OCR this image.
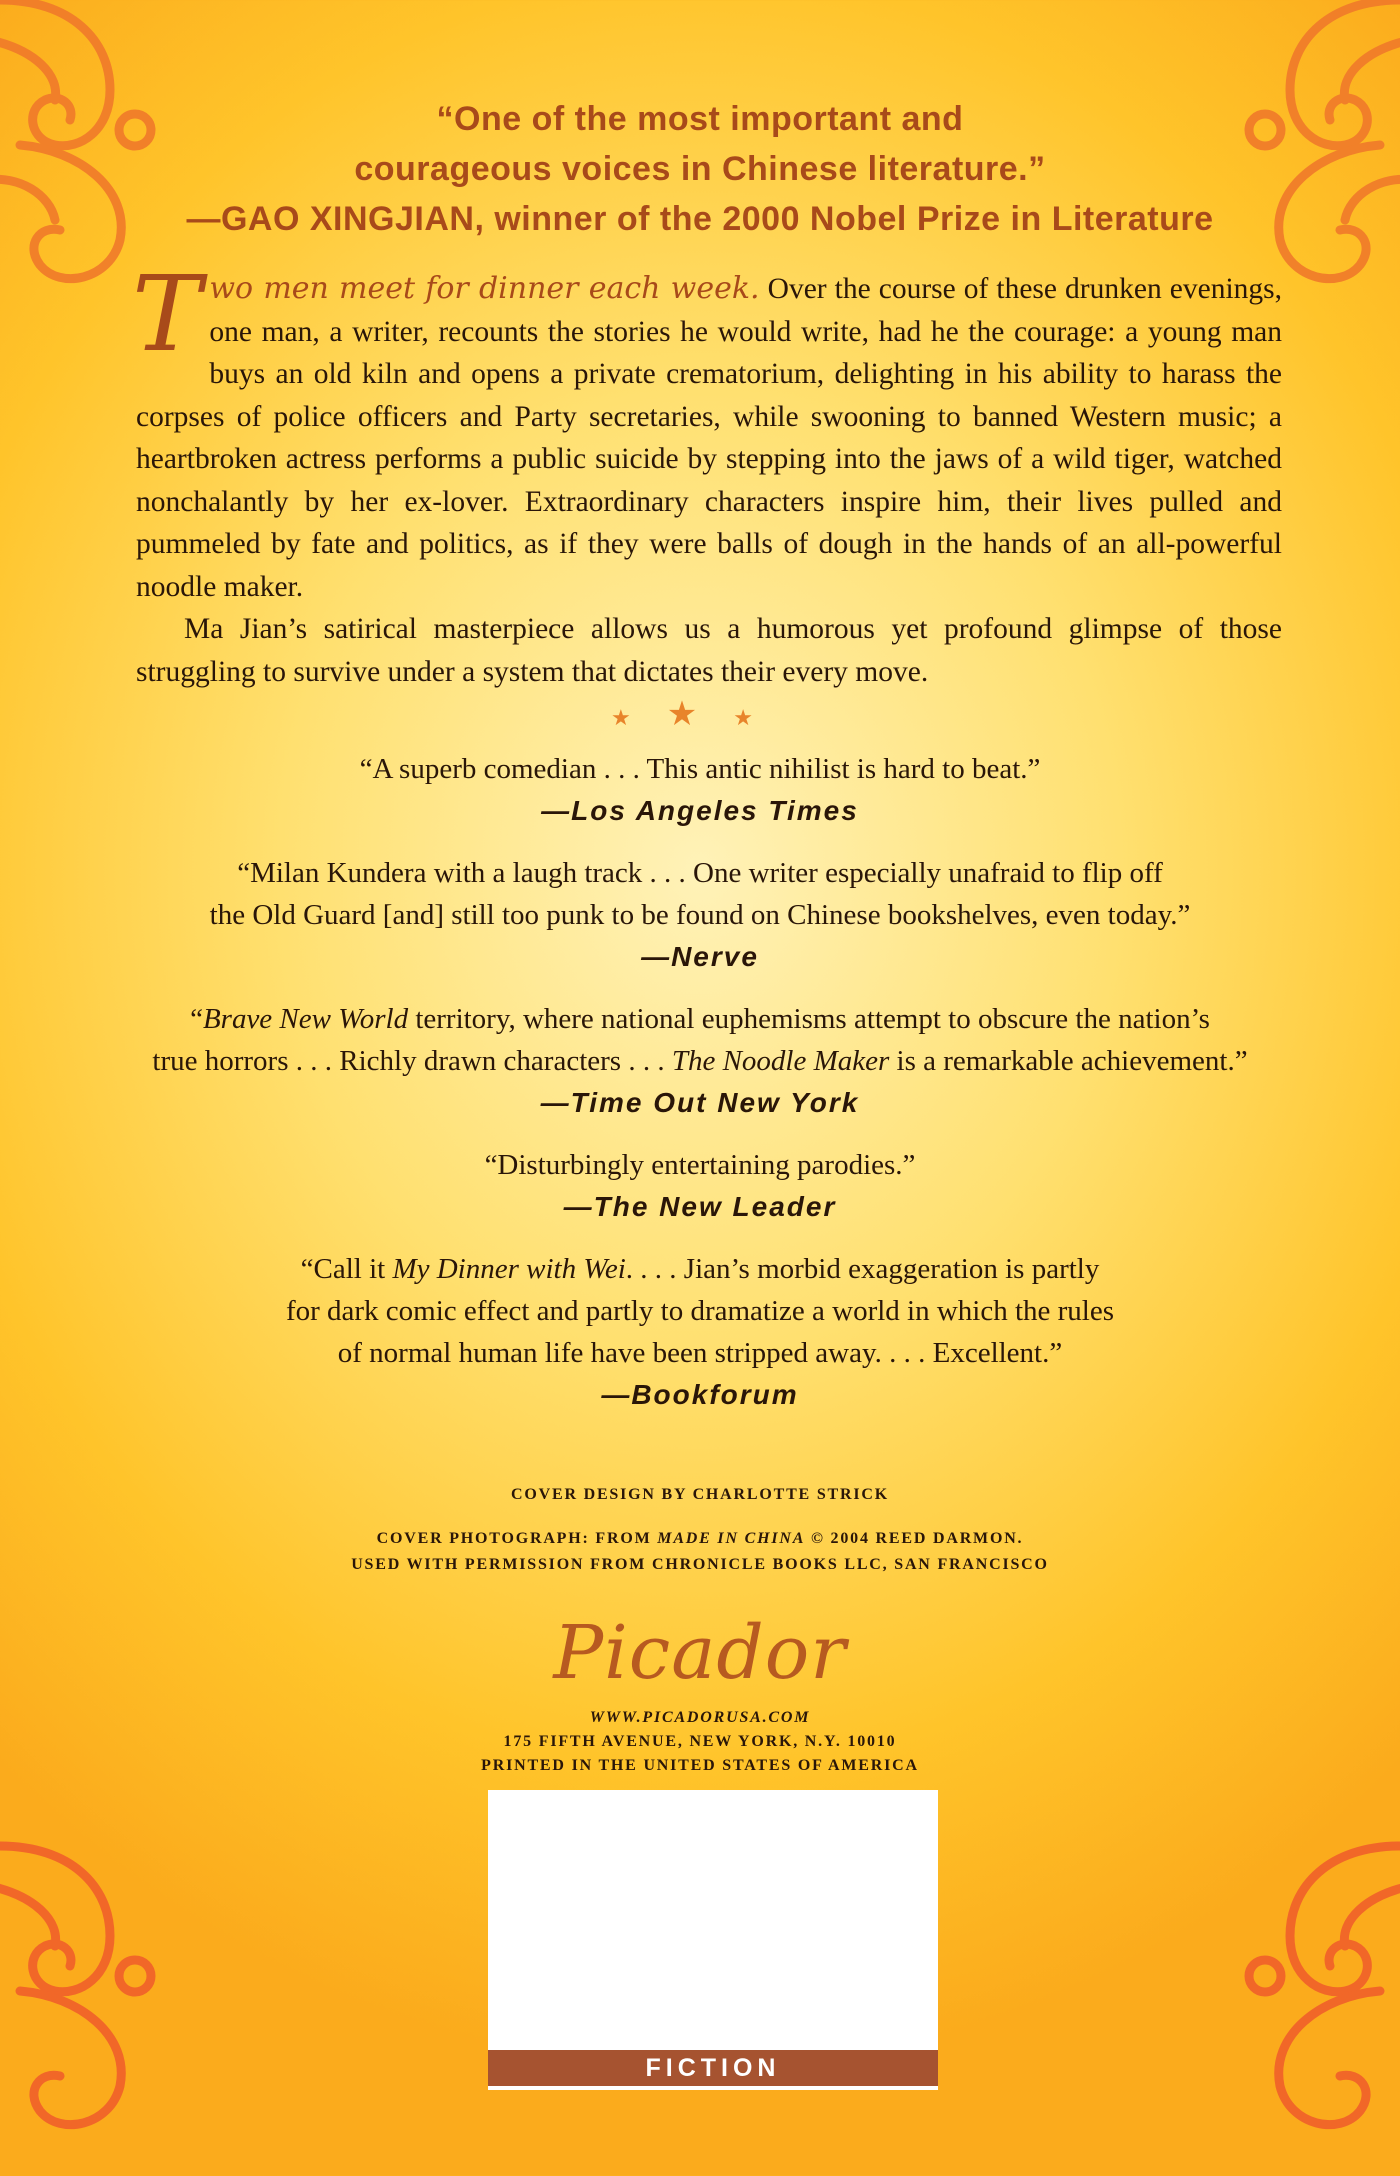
“One of the most important and
courageous voices in Chinese literature.”
—GAO XINGJIAN, winner of the 2000 Nobel Prize in Literature

Two men meet for dinner each week. Over the course of these drunken evenings, one man, a writer, recounts the stories he would write, had he the courage: a young man buys an old kiln and opens a private crematorium, delighting in his ability to harass the corpses of police officers and Party secretaries, while swooning to banned Western music; a heartbroken actress performs a public suicide by stepping into the jaws of a wild tiger, watched nonchalantly by her ex-lover. Extraordinary characters inspire him, their lives pulled and pummeled by fate and politics, as if they were balls of dough in the hands of an all-powerful noodle maker.

Ma Jian’s satirical masterpiece allows us a humorous yet profound glimpse of those struggling to survive under a system that dictates their every move.

★★★
“A superb comedian . . . This antic nihilist is hard to beat.”
—Los Angeles Times
“Milan Kundera with a laugh track . . . One writer especially unafraid to flip off
the Old Guard [and] still too punk to be found on Chinese bookshelves, even today.”
—Nerve
“Brave New World territory, where national euphemisms attempt to obscure the nation’s
true horrors . . . Richly drawn characters . . . The Noodle Maker is a remarkable achievement.”
—Time Out New York
“Disturbingly entertaining parodies.”
—The New Leader
“Call it My Dinner with Wei. . . . Jian’s morbid exaggeration is partly
for dark comic effect and partly to dramatize a world in which the rules
of normal human life have been stripped away. . . . Excellent.”
—Bookforum
COVER DESIGN BY CHARLOTTE STRICK
COVER PHOTOGRAPH: FROM MADE IN CHINA © 2004 REED DARMON.
USED WITH PERMISSION FROM CHRONICLE BOOKS LLC, SAN FRANCISCO
Picador
WWW.PICADORUSA.COM
175 FIFTH AVENUE, NEW YORK, N.Y. 10010
PRINTED IN THE UNITED STATES OF AMERICA
FICTION
